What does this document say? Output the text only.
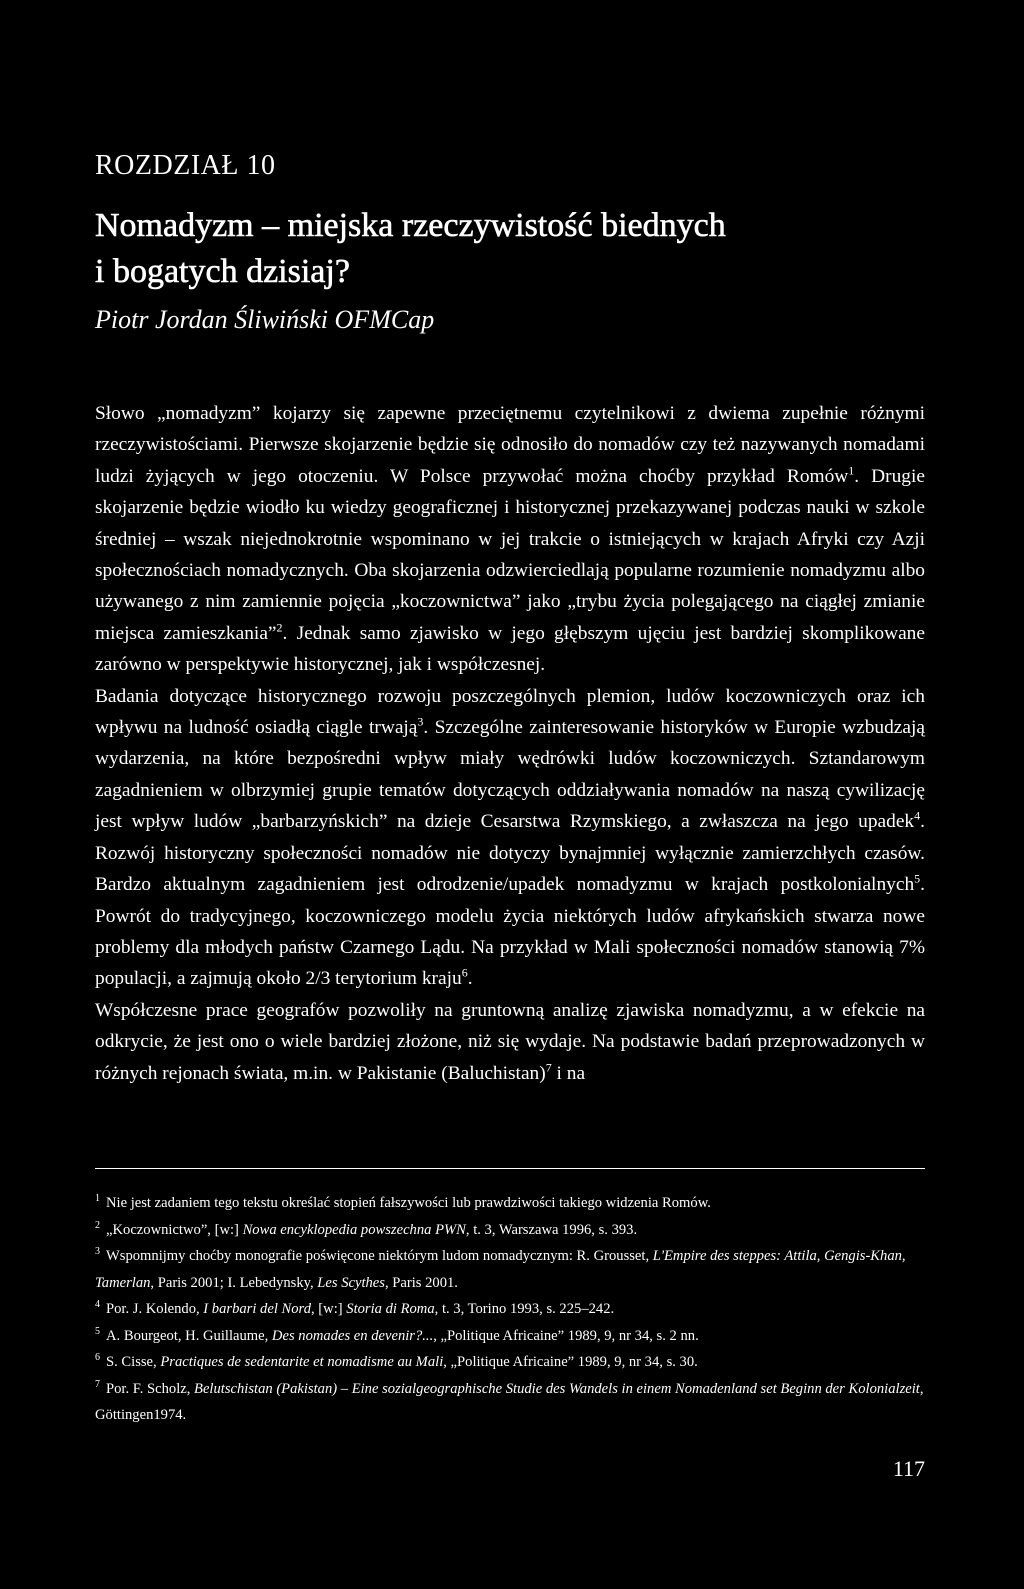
ROZDZIAŁ 10
Nomadyzm – miejska rzeczywistość biednych
i bogatych dzisiaj?
Piotr Jordan Śliwiński OFMCap

Słowo „nomadyzm” kojarzy się zapewne przeciętnemu czytelnikowi z dwiema zupełnie różnymi rzeczywistościami. Pierwsze skojarzenie będzie się odnosiło do nomadów czy też nazywanych nomadami ludzi żyjących w jego otoczeniu. W Polsce przywołać można choćby przykład Romów$^1$. Drugie skojarzenie będzie wiodło ku wiedzy geograficznej i historycznej przekazywanej podczas nauki w szkole średniej – wszak niejednokrotnie wspominano w jej trakcie o istniejących w krajach Afryki czy Azji społecznościach nomadycznych. Oba skojarzenia odzwierciedlają popularne rozumienie nomadyzmu albo używanego z nim zamiennie pojęcia „koczownictwa” jako „trybu życia polegającego na ciągłej zmianie miejsca zamieszkania”$^2$. Jednak samo zjawisko w jego głębszym ujęciu jest bardziej skomplikowane zarówno w perspektywie historycznej, jak i współczesnej.

Badania dotyczące historycznego rozwoju poszczególnych plemion, ludów koczowniczych oraz ich wpływu na ludność osiadłą ciągle trwają$^3$. Szczególne zainteresowanie historyków w Europie wzbudzają wydarzenia, na które bezpośredni wpływ miały wędrówki ludów koczowniczych. Sztandarowym zagadnieniem w olbrzymiej grupie tematów dotyczących oddziaływania nomadów na naszą cywilizację jest wpływ ludów „barbarzyńskich” na dzieje Cesarstwa Rzymskiego, a zwłaszcza na jego upadek$^4$. Rozwój historyczny społeczności nomadów nie dotyczy bynajmniej wyłącznie zamierzchłych czasów. Bardzo aktualnym zagadnieniem jest odrodzenie/upadek nomadyzmu w krajach postkolonialnych$^5$. Powrót do tradycyjnego, koczowniczego modelu życia niektórych ludów afrykańskich stwarza nowe problemy dla młodych państw Czarnego Lądu. Na przykład w Mali społeczności nomadów stanowią 7% populacji, a zajmują około 2/3 terytorium kraju$^6$.

Współczesne prace geografów pozwoliły na gruntowną analizę zjawiska nomadyzmu, a w efekcie na odkrycie, że jest ono o wiele bardziej złożone, niż się wydaje. Na podstawie badań przeprowadzonych w różnych rejonach świata, m.in. w Pakistanie (Baluchistan)$^7$ i na

1 Nie jest zadaniem tego tekstu określać stopień fałszywości lub prawdziwości takiego widzenia Romów.
2 „Koczownictwo”, [w:] Nowa encyklopedia powszechna PWN, t. 3, Warszawa 1996, s. 393.
3 Wspomnijmy choćby monografie poświęcone niektórym ludom nomadycznym: R. Grousset, L'Empire des steppes: Attila, Gengis-Khan, Tamerlan, Paris 2001; I. Lebedynsky, Les Scythes, Paris 2001.
4 Por. J. Kolendo, I barbari del Nord, [w:] Storia di Roma, t. 3, Torino 1993, s. 225–242.
5 A. Bourgeot, H. Guillaume, Des nomades en devenir?..., „Politique Africaine” 1989, 9, nr 34, s. 2 nn.
6 S. Cisse, Practiques de sedentarite et nomadisme au Mali, „Politique Africaine” 1989, 9, nr 34, s. 30.
7 Por. F. Scholz, Belutschistan (Pakistan) – Eine sozialgeographische Studie des Wandels in einem Nomadenland set Beginn der Kolonialzeit, Göttingen1974.
117
